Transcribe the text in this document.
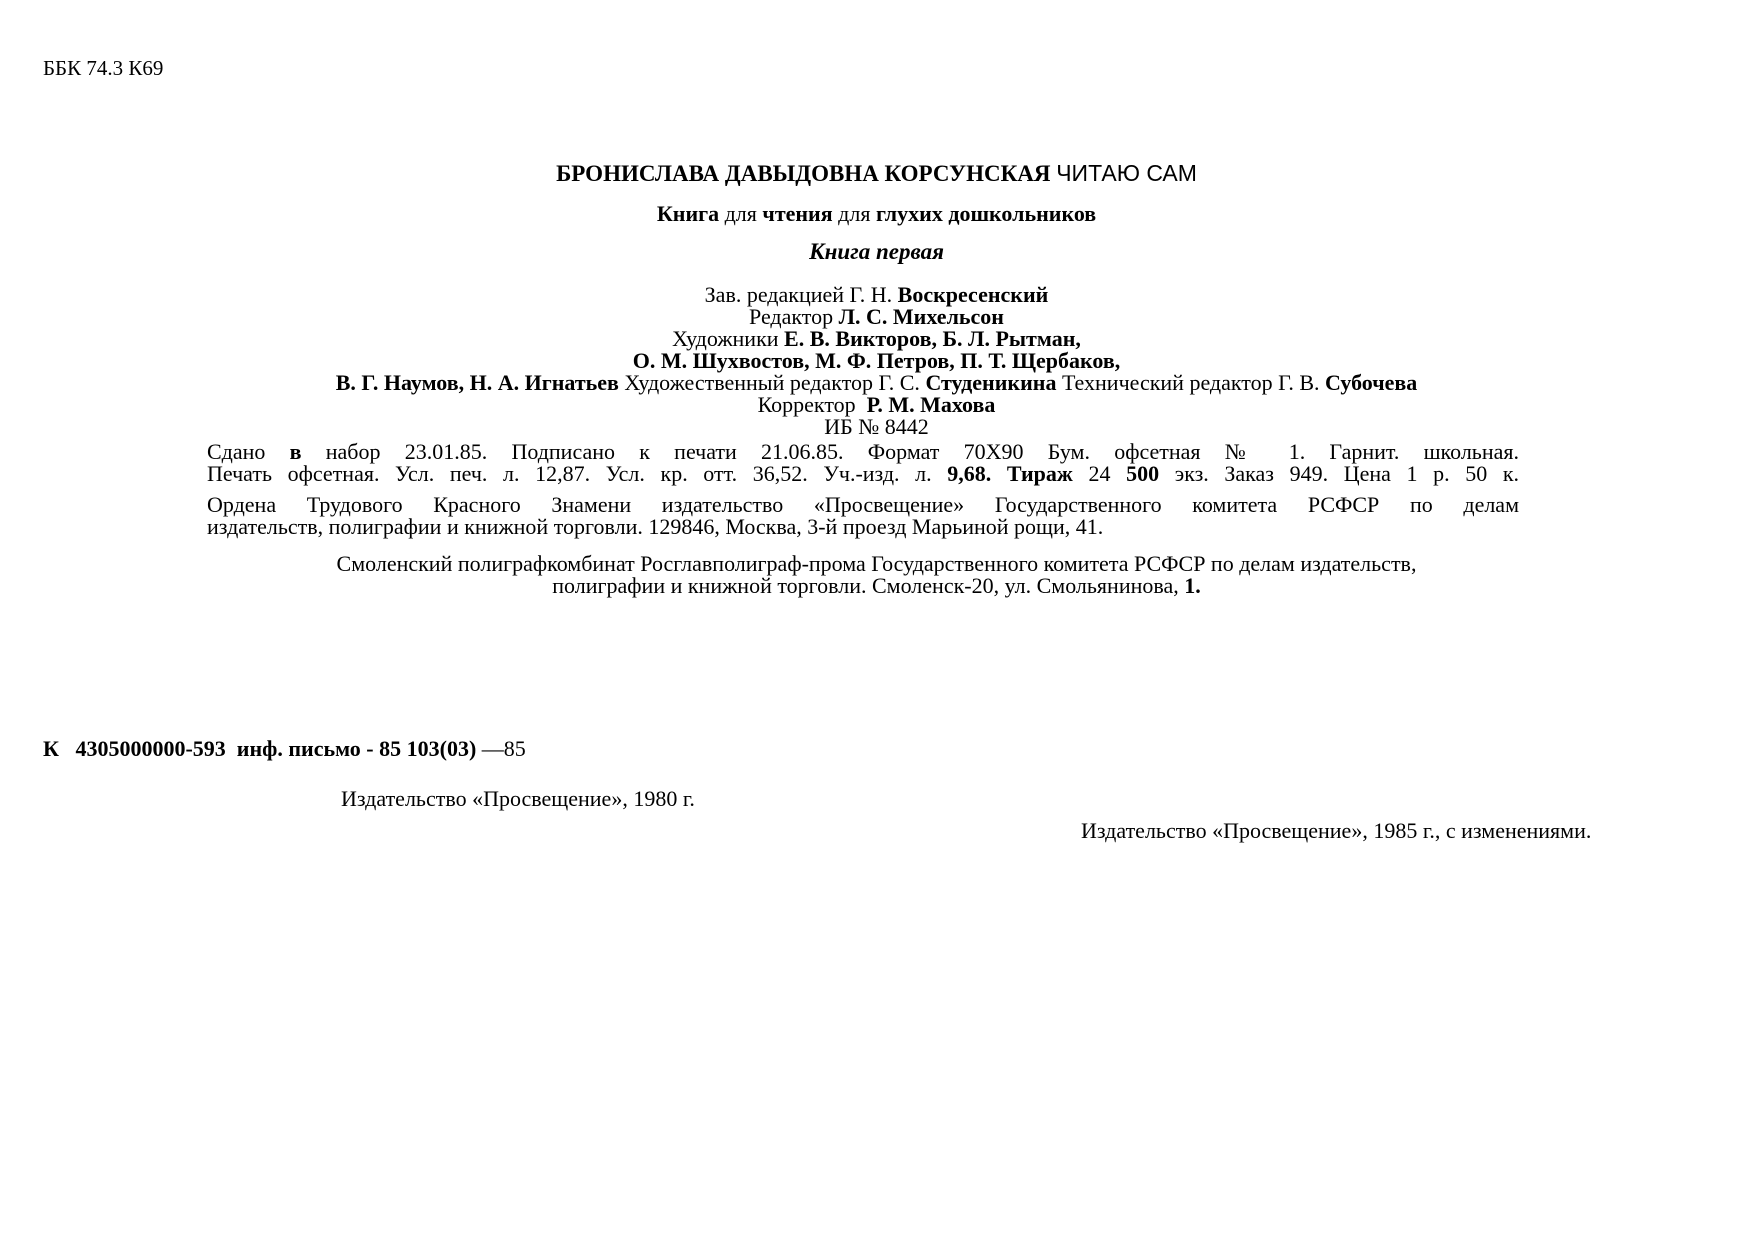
ББК 74.3 К69
БРОНИСЛАВА ДАВЫДОВНА КОРСУНСКАЯ ЧИТАЮ САМ
Книга для чтения для глухих дошкольников
Книга первая
Зав. редакцией Г. Н. Воскресенский
Редактор Л. С. Михельсон
Художники Е. В. Викторов, Б. Л. Рытман,
О. М. Шухвостов, М. Ф. Петров, П. Т. Щербаков,
В. Г. Наумов, Н. А. Игнатьев Художественный редактор Г. С. Студеникина Технический редактор Г. В. Субочева
Корректор Р. М. Махова
ИБ № 8442
Сдано в набор 23.01.85. Подписано к печати 21.06.85. Формат 70Х90 Бум. офсетная № 1. Гарнит. школьная.
Печать офсетная. Усл. печ. л. 12,87. Усл. кр. отт. 36,52. Уч.-изд. л. 9,68. Тираж 24 500 экз. Заказ 949. Цена 1 р. 50 к.
Ордена Трудового Красного Знамени издательство «Просвещение» Государственного комитета РСФСР по делам
издательств, полиграфии и книжной торговли. 129846, Москва, 3-й проезд Марьиной рощи, 41.
Смоленский полиграфкомбинат Росглавполиграф-прома Государственного комитета РСФСР по делам издательств,
полиграфии и книжной торговли. Смоленск-20, ул. Смольянинова, 1.
К   4305000000-593  инф. письмо - 85 103(03) —85
Издательство «Просвещение», 1980 г.
Издательство «Просвещение», 1985 г., с изменениями.
